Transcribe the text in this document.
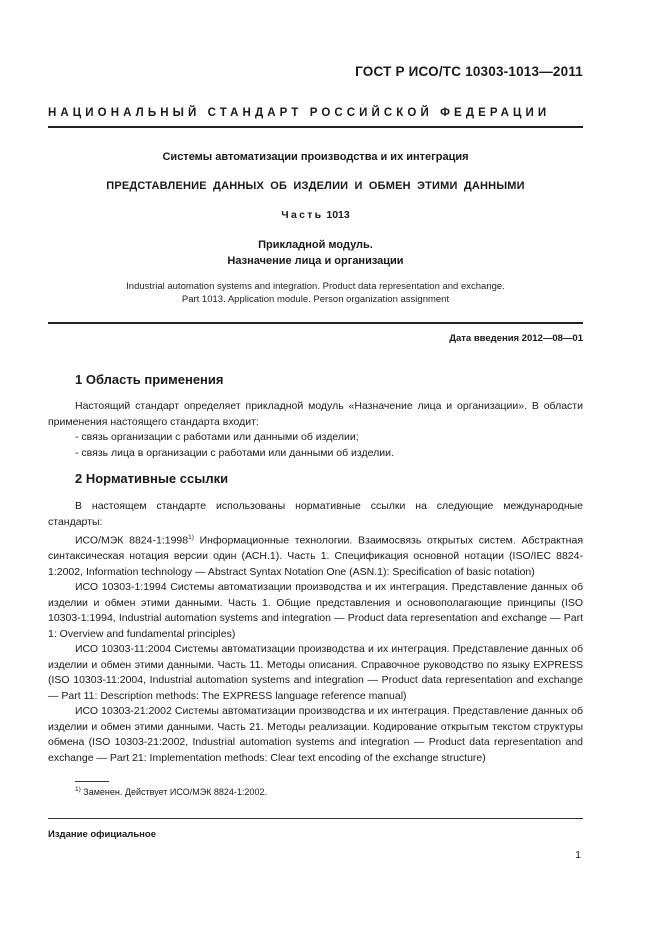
ГОСТ Р ИСО/ТС 10303-1013—2011
НАЦИОНАЛЬНЫЙ СТАНДАРТ РОССИЙСКОЙ ФЕДЕРАЦИИ
Системы автоматизации производства и их интеграция
ПРЕДСТАВЛЕНИЕ ДАННЫХ ОБ ИЗДЕЛИИ И ОБМЕН ЭТИМИ ДАННЫМИ
Часть 1013
Прикладной модуль.
Назначение лица и организации
Industrial automation systems and integration. Product data representation and exchange.
Part 1013. Application module. Person organization assignment
Дата введения 2012—08—01
1 Область применения

Настоящий стандарт определяет прикладной модуль «Назначение лица и организации». В области применения настоящего стандарта входит:

- связь организации с работами или данными об изделии;

- связь лица в организации с работами или данными об изделии.

2 Нормативные ссылки

В настоящем стандарте использованы нормативные ссылки на следующие международные стандарты:

ИСО/МЭК 8824-1:1998$^{1)}$ Информационные технологии. Взаимосвязь открытых систем. Абстрактная синтаксическая нотация версии один (АСН.1). Часть 1. Спецификация основной нотации (ISO/IEC 8824-1:2002, Information technology — Abstract Syntax Notation One (ASN.1): Specification of basic notation)

ИСО 10303-1:1994 Системы автоматизации производства и их интеграция. Представление данных об изделии и обмен этими данными. Часть 1. Общие представления и основополагающие принципы (ISO 10303-1:1994, Industrial automation systems and integration — Product data representation and exchange — Part 1: Overview and fundamental principles)

ИСО 10303-11:2004 Системы автоматизации производства и их интеграция. Представление данных об изделии и обмен этими данными. Часть 11. Методы описания. Справочное руководство по языку EXPRESS (ISO 10303-11:2004, Industrial automation systems and integration — Product data representation and exchange — Part 11: Description methods: The EXPRESS language reference manual)

ИСО 10303-21:2002 Системы автоматизации производства и их интеграция. Представление данных об изделии и обмен этими данными. Часть 21. Методы реализации. Кодирование открытым текстом структуры обмена (ISO 10303-21:2002, Industrial automation systems and integration — Product data representation and exchange — Part 21: Implementation methods: Clear text encoding of the exchange structure)

$^{1)}$ Заменен. Действует ИСО/МЭК 8824-1:2002.
Издание официальное
1
